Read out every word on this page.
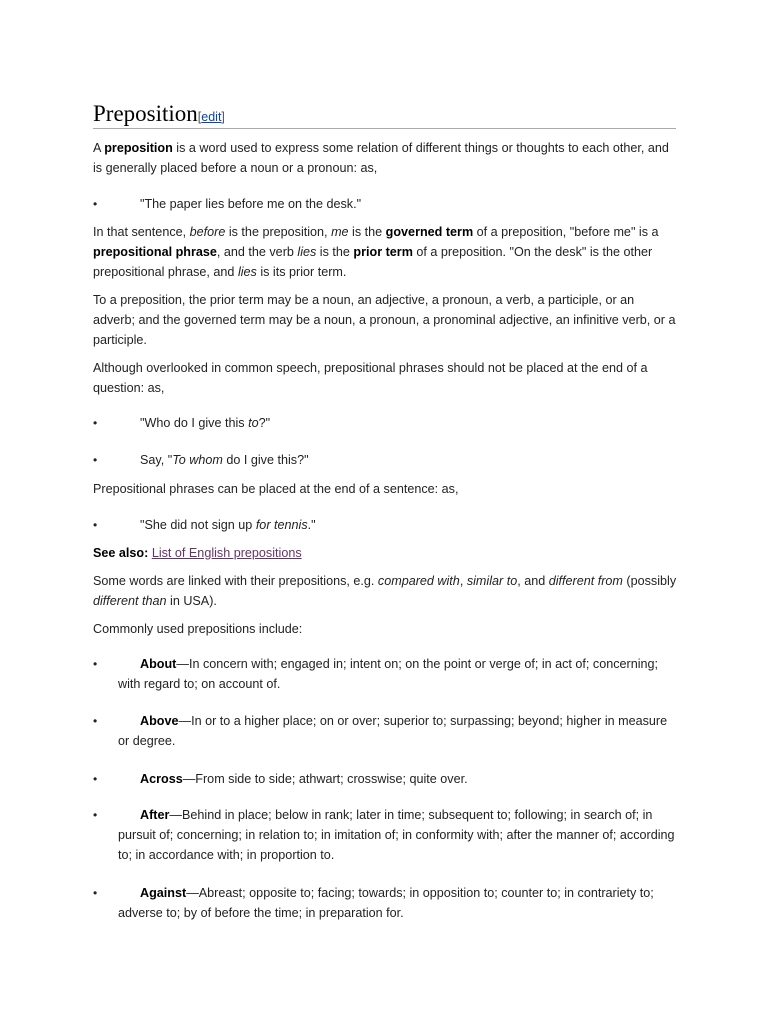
Preposition[edit]
A preposition is a word used to express some relation of different things or thoughts to each other, and is generally placed before a noun or a pronoun: as,
•	"The paper lies before me on the desk."
In that sentence, before is the preposition, me is the governed term of a preposition, "before me" is a prepositional phrase, and the verb lies is the prior term of a preposition. "On the desk" is the other prepositional phrase, and lies is its prior term.
To a preposition, the prior term may be a noun, an adjective, a pronoun, a verb, a participle, or an adverb; and the governed term may be a noun, a pronoun, a pronominal adjective, an infinitive verb, or a participle.
Although overlooked in common speech, prepositional phrases should not be placed at the end of a question: as,
•	"Who do I give this to?"
•	Say, "To whom do I give this?"
Prepositional phrases can be placed at the end of a sentence: as,
•	"She did not sign up for tennis."
See also: List of English prepositions
Some words are linked with their prepositions, e.g. compared with, similar to, and different from (possibly different than in USA).
Commonly used prepositions include:
•	About—In concern with; engaged in; intent on; on the point or verge of; in act of; concerning; with regard to; on account of.
•	Above—In or to a higher place; on or over; superior to; surpassing; beyond; higher in measure or degree.
•	Across—From side to side; athwart; crosswise; quite over.
•	After—Behind in place; below in rank; later in time; subsequent to; following; in search of; in pursuit of; concerning; in relation to; in imitation of; in conformity with; after the manner of; according to; in accordance with; in proportion to.
•	Against—Abreast; opposite to; facing; towards; in opposition to; counter to; in contrariety to; adverse to; by of before the time; in preparation for.
